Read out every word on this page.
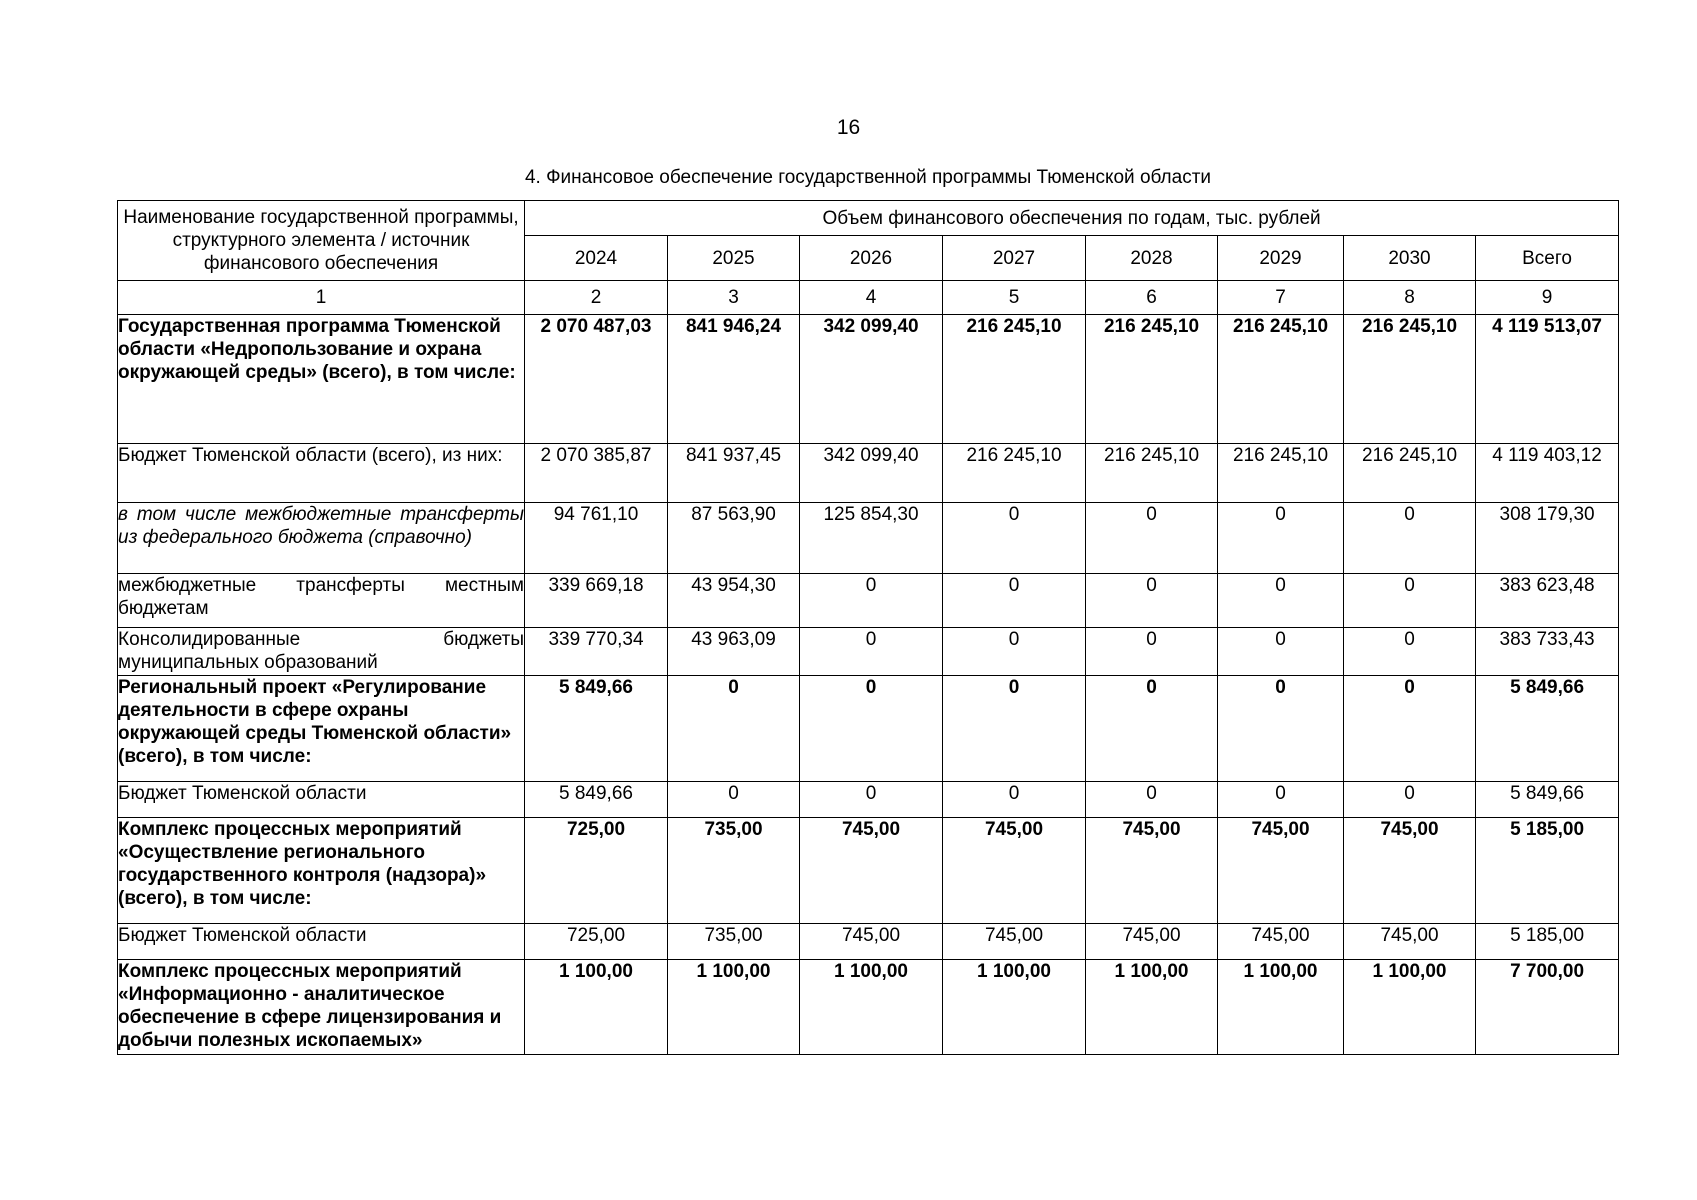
16
4. Финансовое обеспечение государственной программы Тюменской области
Наименование государственной программы, структурного элемента / источник финансового обеспечения	Объем финансового обеспечения по годам, тыс. рублей							
	2024	2025	2026	2027	2028	2029	2030	Всего
1	2	3	4	5	6	7	8	9
Государственная программа Тюменской области «Недропользование и охрана окружающей среды» (всего), в том числе:	2 070 487,03	841 946,24	342 099,40	216 245,10	216 245,10	216 245,10	216 245,10	4 119 513,07
Бюджет Тюменской области (всего), из них:	2 070 385,87	841 937,45	342 099,40	216 245,10	216 245,10	216 245,10	216 245,10	4 119 403,12
в том числе межбюджетные трансферты из федерального бюджета (справочно)	94 761,10	87 563,90	125 854,30	0	0	0	0	308 179,30
межбюджетные трансферты местным бюджетам	339 669,18	43 954,30	0	0	0	0	0	383 623,48
Консолидированные бюджеты муниципальных образований	339 770,34	43 963,09	0	0	0	0	0	383 733,43
Региональный проект «Регулирование деятельности в сфере охраны окружающей среды Тюменской области» (всего), в том числе:	5 849,66	0	0	0	0	0	0	5 849,66
Бюджет Тюменской области	5 849,66	0	0	0	0	0	0	5 849,66
Комплекс процессных мероприятий «Осуществление регионального государственного контроля (надзора)» (всего), в том числе:	725,00	735,00	745,00	745,00	745,00	745,00	745,00	5 185,00
Бюджет Тюменской области	725,00	735,00	745,00	745,00	745,00	745,00	745,00	5 185,00
Комплекс процессных мероприятий «Информационно - аналитическое обеспечение в сфере лицензирования и добычи полезных ископаемых»	1 100,00	1 100,00	1 100,00	1 100,00	1 100,00	1 100,00	1 100,00	7 700,00
